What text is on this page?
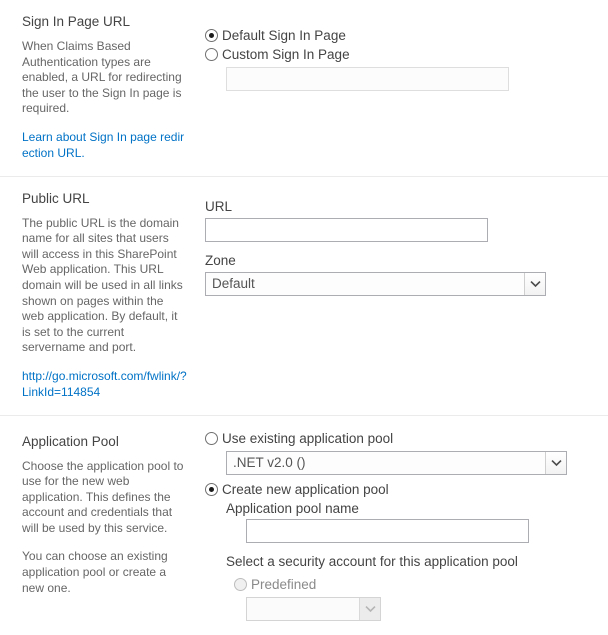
Sign In Page URL

When Claims Based Authentication types are enabled, a URL for redirecting the user to the Sign In page is required.

Learn about Sign In page redirection URL.
Default Sign In Page
Custom Sign In Page
Public URL

The public URL is the domain name for all sites that users will access in this SharePoint Web application. This URL domain will be used in all links shown on pages within the web application. By default, it is set to the current servername and port.

http://go.microsoft.com/fwlink/?LinkId=114854
URL
Zone
Default
Application Pool

Choose the application pool to use for the new web application. This defines the account and credentials that will be used by this service.

You can choose an existing application pool or create a new one.

Use existing application pool
.NET v2.0 ()
Create new application pool
Application pool name
Select a security account for this application pool
Predefined
